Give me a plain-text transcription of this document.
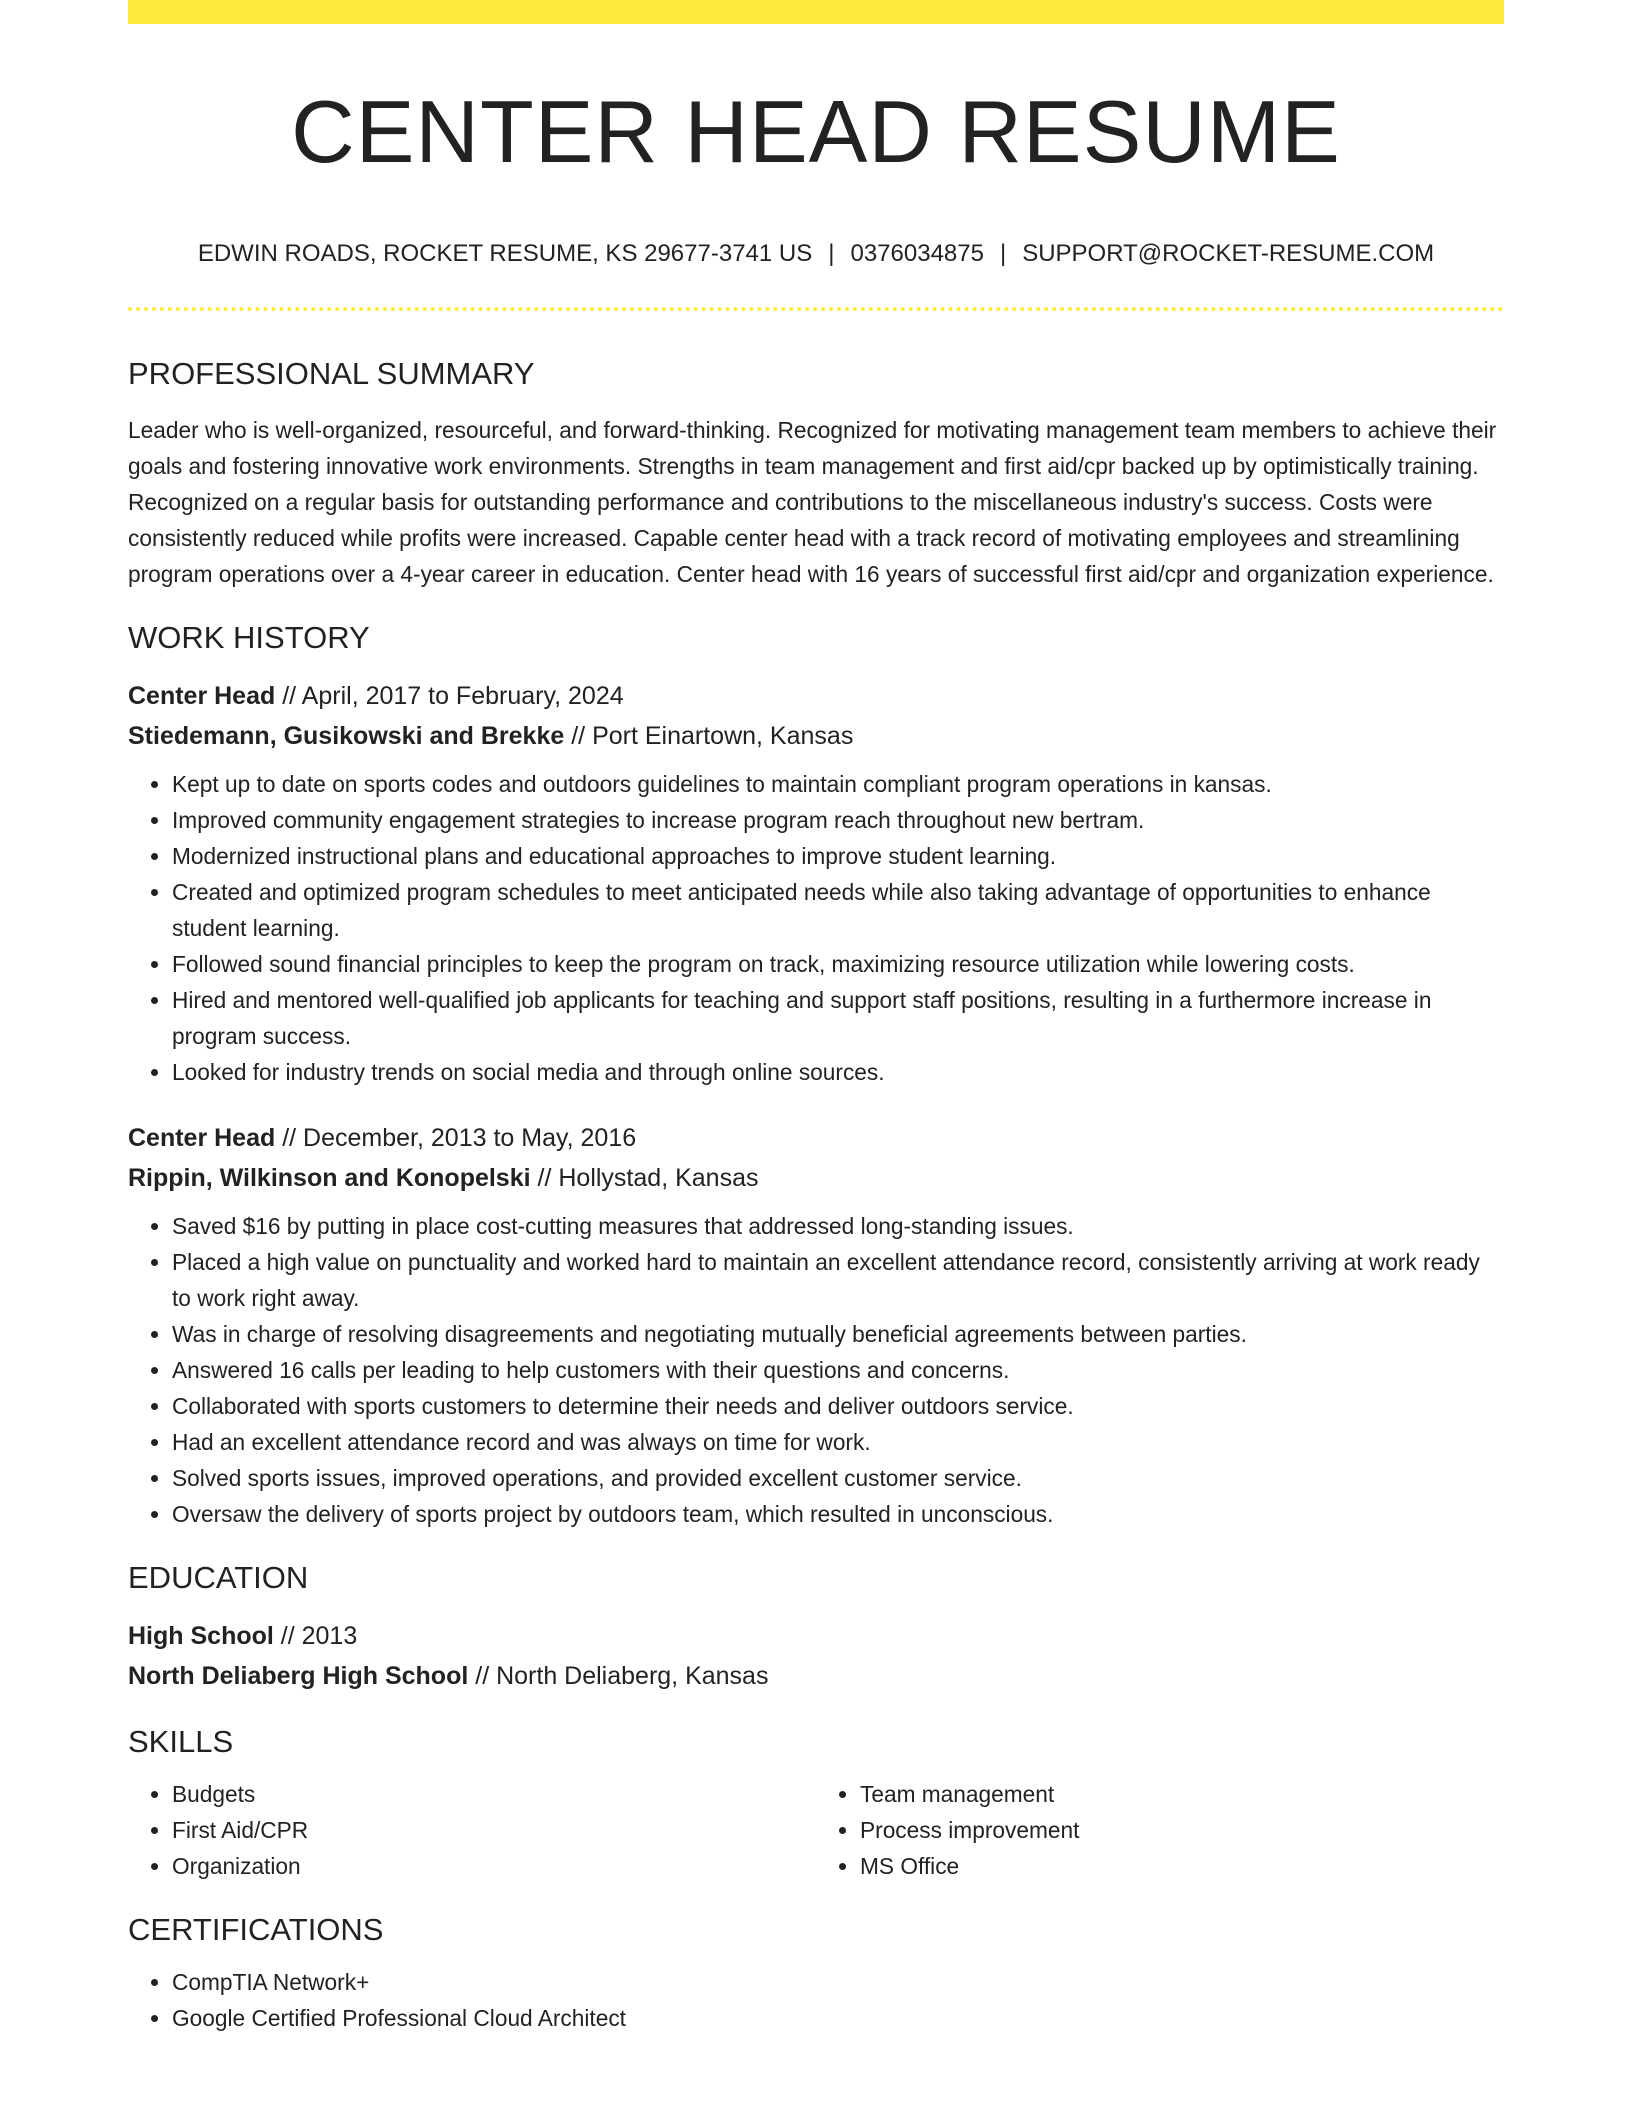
CENTER HEAD RESUME
EDWIN ROADS, ROCKET RESUME, KS 29677-3741 US | 0376034875 | SUPPORT@ROCKET-RESUME.COM
PROFESSIONAL SUMMARY

Leader who is well-organized, resourceful, and forward-thinking. Recognized for motivating management team members to achieve their goals and fostering innovative work environments. Strengths in team management and first aid/cpr backed up by optimistically training. Recognized on a regular basis for outstanding performance and contributions to the miscellaneous industry's success. Costs were consistently reduced while profits were increased. Capable center head with a track record of motivating employees and streamlining program operations over a 4-year career in education. Center head with 16 years of successful first aid/cpr and organization experience.

WORK HISTORY
Center Head // April, 2017 to February, 2024
Stiedemann, Gusikowski and Brekke // Port Einartown, Kansas
• Kept up to date on sports codes and outdoors guidelines to maintain compliant program operations in kansas.
• Improved community engagement strategies to increase program reach throughout new bertram.
• Modernized instructional plans and educational approaches to improve student learning.
• Created and optimized program schedules to meet anticipated needs while also taking advantage of opportunities to enhance student learning.
• Followed sound financial principles to keep the program on track, maximizing resource utilization while lowering costs.
• Hired and mentored well-qualified job applicants for teaching and support staff positions, resulting in a furthermore increase in program success.
• Looked for industry trends on social media and through online sources.
Center Head // December, 2013 to May, 2016
Rippin, Wilkinson and Konopelski // Hollystad, Kansas
• Saved $16 by putting in place cost-cutting measures that addressed long-standing issues.
• Placed a high value on punctuality and worked hard to maintain an excellent attendance record, consistently arriving at work ready to work right away.
• Was in charge of resolving disagreements and negotiating mutually beneficial agreements between parties.
• Answered 16 calls per leading to help customers with their questions and concerns.
• Collaborated with sports customers to determine their needs and deliver outdoors service.
• Had an excellent attendance record and was always on time for work.
• Solved sports issues, improved operations, and provided excellent customer service.
• Oversaw the delivery of sports project by outdoors team, which resulted in unconscious.
EDUCATION
High School // 2013
North Deliaberg High School // North Deliaberg, Kansas
SKILLS
• Budgets
• First Aid/CPR
• Organization
• Team management
• Process improvement
• MS Office
CERTIFICATIONS
• CompTIA Network+
• Google Certified Professional Cloud Architect
